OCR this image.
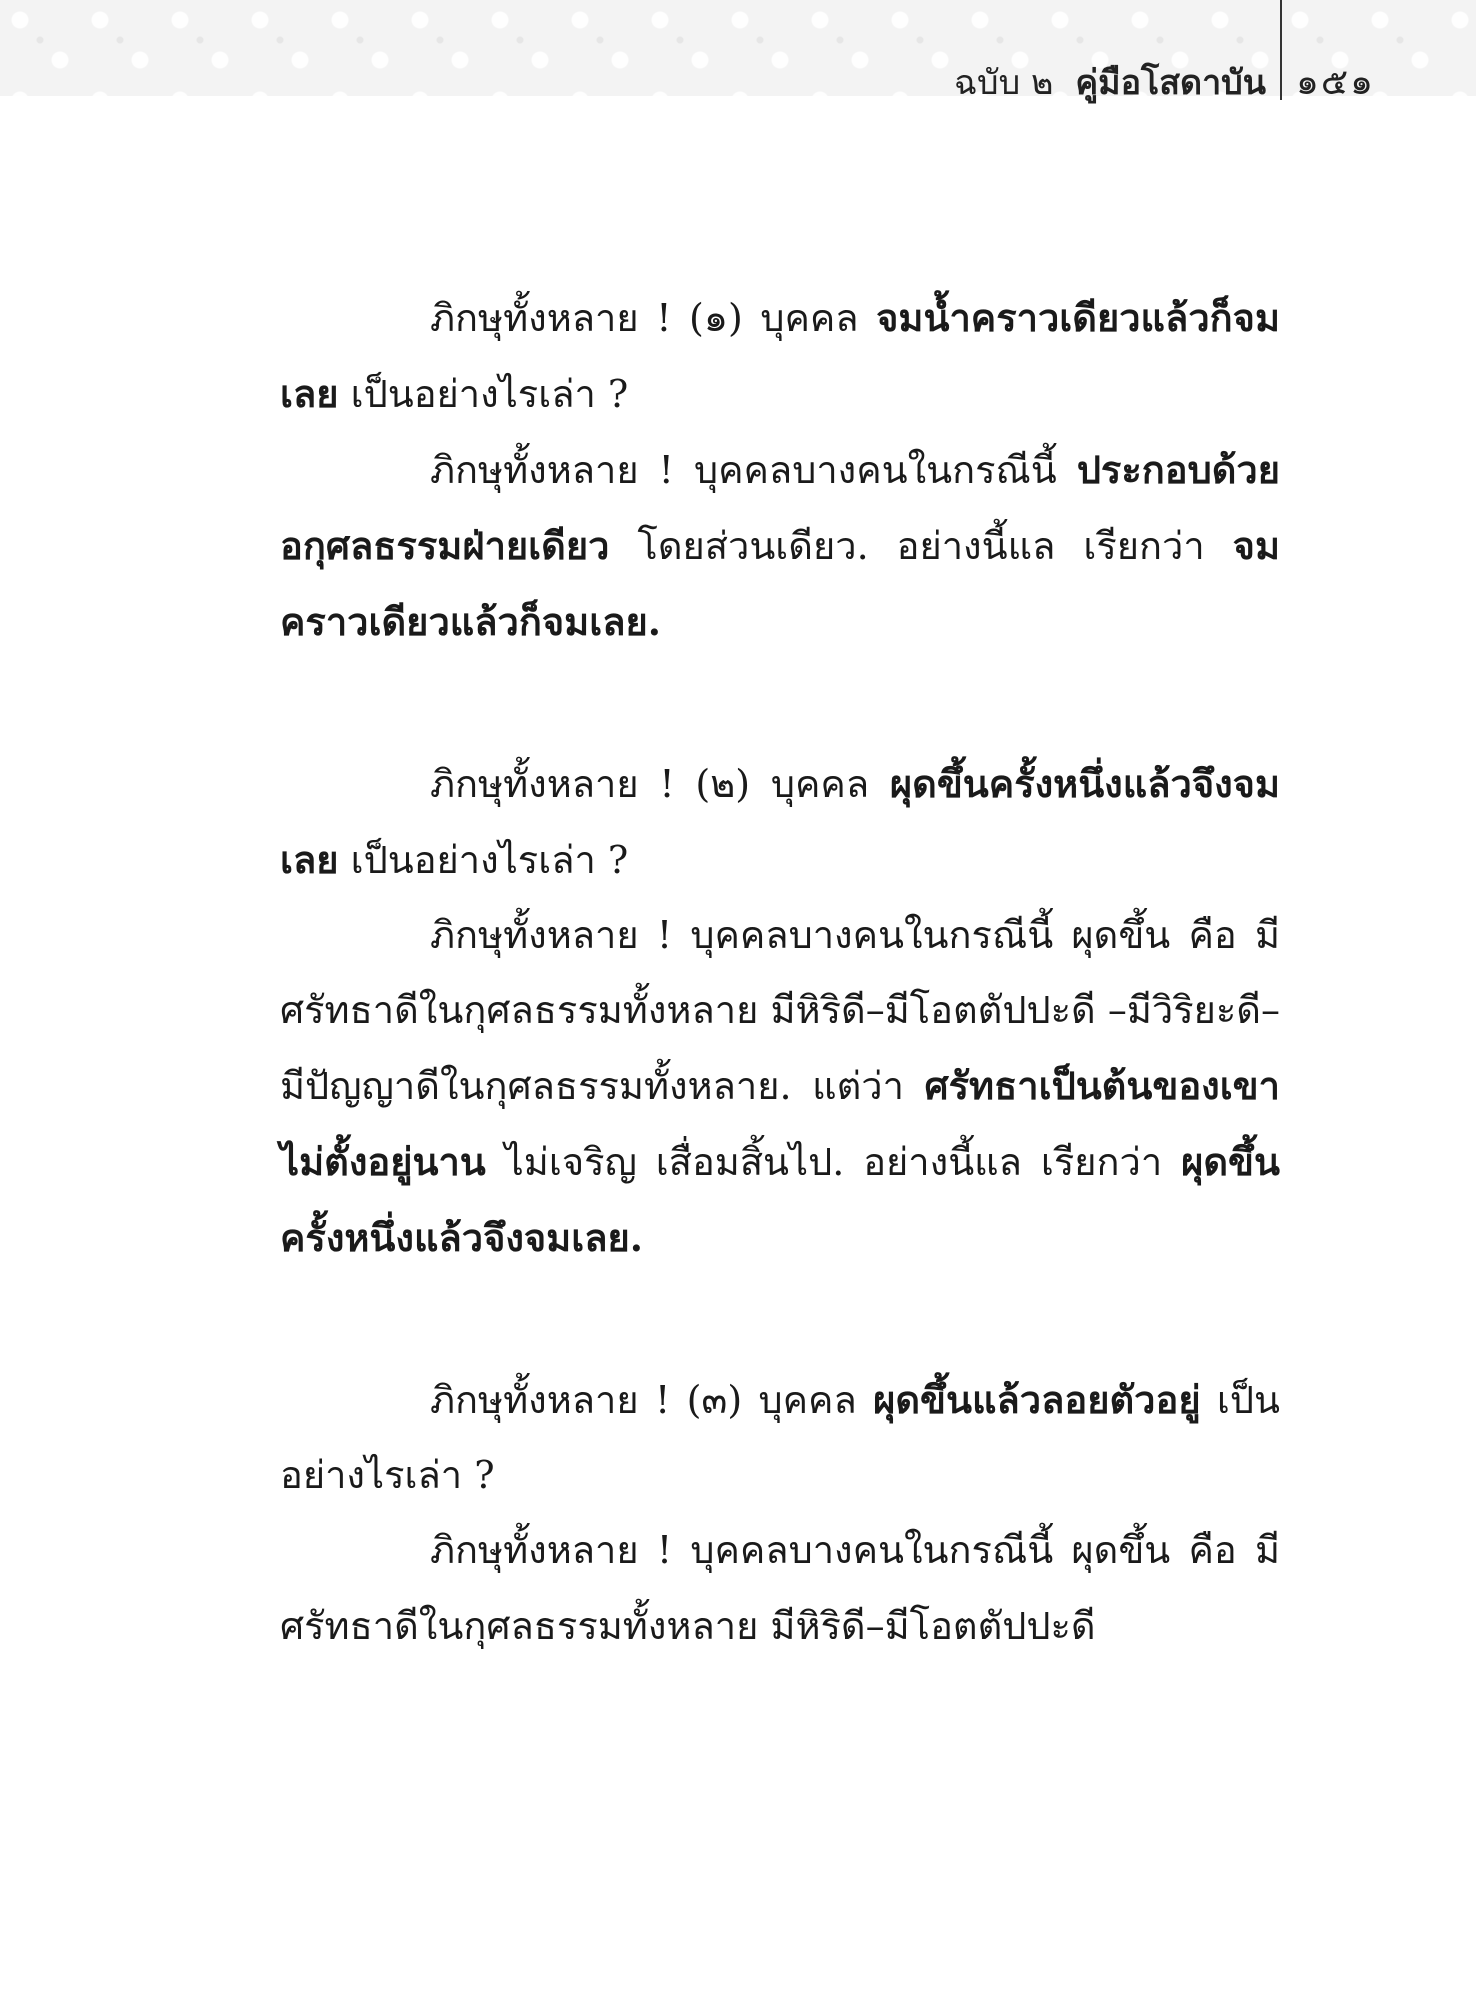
ฉบับ ๒ คู่มือโสดาบัน ๑๕๑

ภิกษุทั้งหลาย ! (๑) บุคคล จมน้ำคราวเดียวแล้วก็จมเลย เป็นอย่างไรเล่า ?

ภิกษุทั้งหลาย ! บุคคลบางคนในกรณีนี้ ประกอบด้วยอกุศลธรรมฝ่ายเดียว โดยส่วนเดียว. อย่างนี้แล เรียกว่า จมคราวเดียวแล้วก็จมเลย.

ภิกษุทั้งหลาย ! (๒) บุคคล ผุดขึ้นครั้งหนึ่งแล้วจึงจมเลย เป็นอย่างไรเล่า ?

ภิกษุทั้งหลาย ! บุคคลบางคนในกรณีนี้ ผุดขึ้น คือ มีศรัทธาดีในกุศลธรรมทั้งหลาย มีหิริดี–มีโอตตัปปะดี –มีวิริยะดี–มีปัญญาดีในกุศลธรรมทั้งหลาย. แต่ว่า ศรัทธาเป็นต้นของเขา ไม่ตั้งอยู่นาน ไม่เจริญ เสื่อมสิ้นไป. อย่างนี้แล เรียกว่า ผุดขึ้นครั้งหนึ่งแล้วจึงจมเลย.

ภิกษุทั้งหลาย ! (๓) บุคคล ผุดขึ้นแล้วลอยตัวอยู่ เป็นอย่างไรเล่า ?

ภิกษุทั้งหลาย ! บุคคลบางคนในกรณีนี้ ผุดขึ้น คือ มีศรัทธาดีในกุศลธรรมทั้งหลาย มีหิริดี–มีโอตตัปปะดี
